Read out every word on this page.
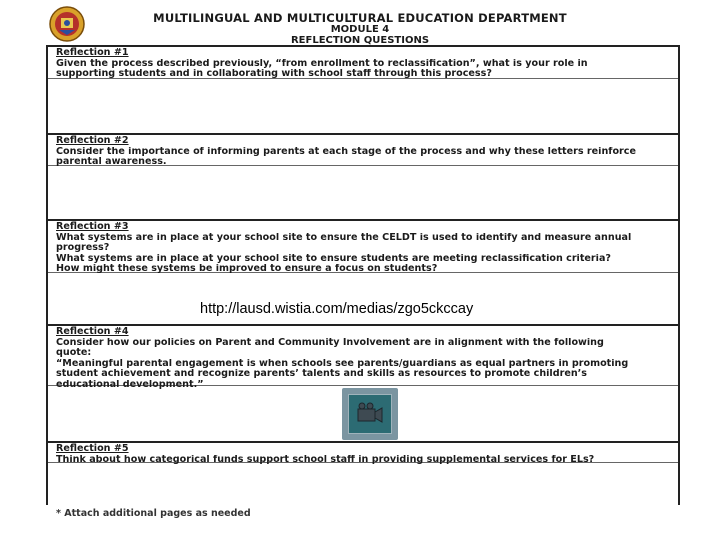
MULTILINGUAL AND MULTICULTURAL EDUCATION DEPARTMENT
MODULE 4
REFLECTION QUESTIONS
Reflection #1
Given the process described previously, “from enrollment to reclassification”, what is your role in
supporting students and in collaborating with school staff through this process?
Reflection #2
Consider the importance of informing parents at each stage of the process and why these letters reinforce
parental awareness.
Reflection #3
What systems are in place at your school site to ensure the CELDT is used to identify and measure annual
progress?
What systems are in place at your school site to ensure students are meeting reclassification criteria?
How might these systems be improved to ensure a focus on students?
Reflection #4
Consider how our policies on Parent and Community Involvement are in alignment with the following
quote:
“Meaningful parental engagement is when schools see parents/guardians as equal partners in promoting
student achievement and recognize parents’ talents and skills as resources to promote children’s
educational development.”
Reflection #5
Think about how categorical funds support school staff in providing supplemental services for ELs?
http://lausd.wistia.com/medias/zgo5ckccay
* Attach additional pages as needed
